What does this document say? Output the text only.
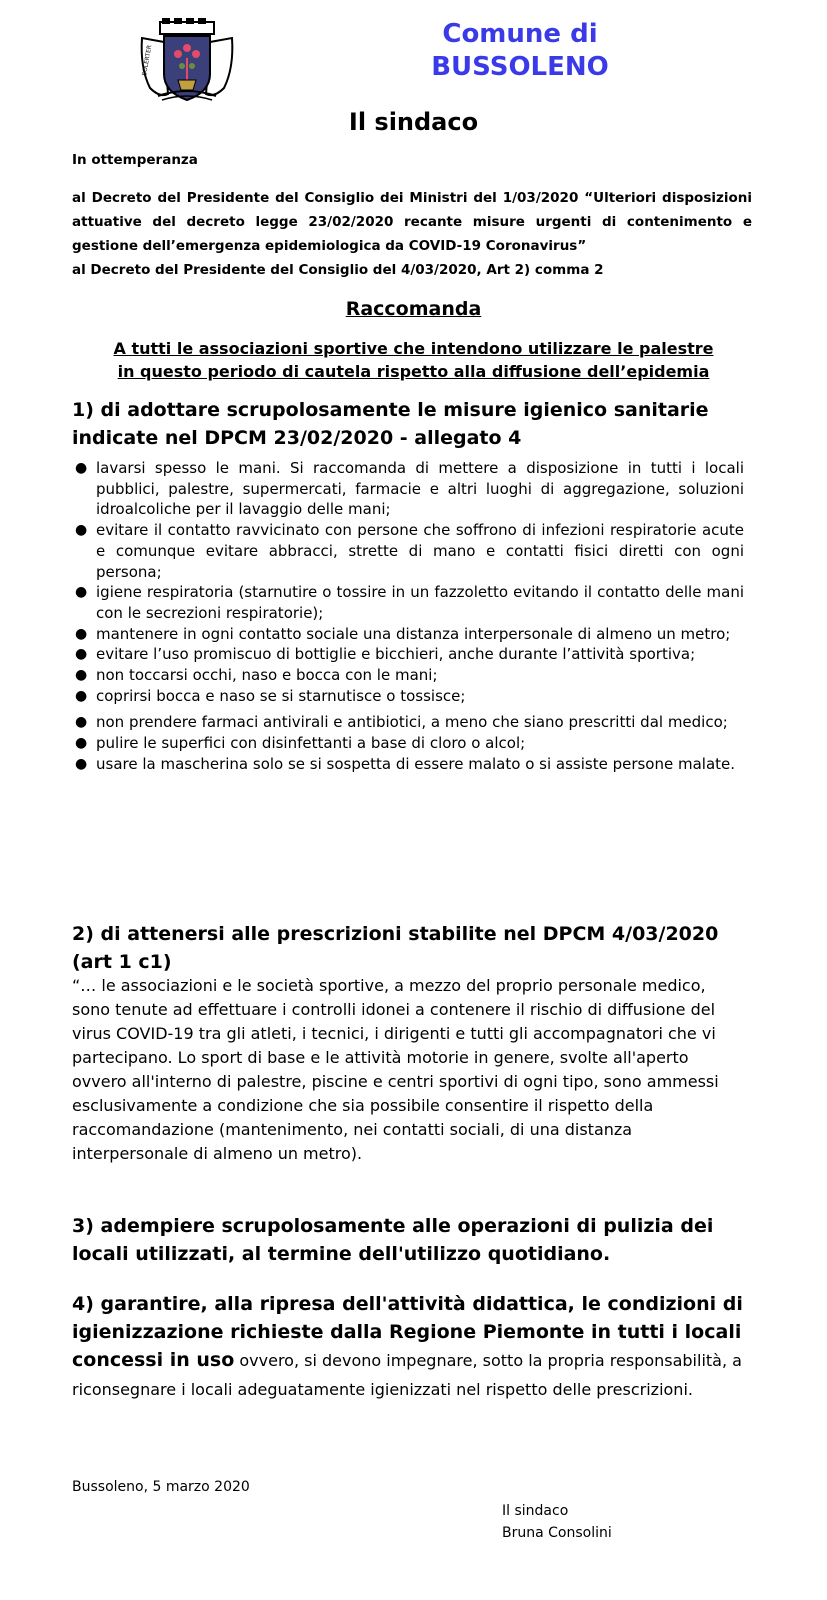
SOLERTER
Comune di
BUSSOLENO
Il sindaco
In ottemperanza
al Decreto del Presidente del Consiglio dei Ministri del 1/03/2020 “Ulteriori disposizioni attuative del decreto legge 23/02/2020 recante misure urgenti di contenimento e gestione dell’emergenza epidemiologica da COVID-19 Coronavirus”
al Decreto del Presidente del Consiglio del 4/03/2020, Art 2) comma 2
Raccomanda
A tutti le associazioni sportive che intendono utilizzare le palestre
in questo periodo di cautela rispetto alla diffusione dell’epidemia
1) di adottare scrupolosamente le misure igienico sanitarie indicate nel DPCM 23/02/2020 - allegato 4
● lavarsi spesso le mani. Si raccomanda di mettere a disposizione in tutti i locali pubblici, palestre, supermercati, farmacie e altri luoghi di aggregazione, soluzioni idroalcoliche per il lavaggio delle mani;
● evitare il contatto ravvicinato con persone che soffrono di infezioni respiratorie acute e comunque evitare abbracci, strette di mano e contatti fisici diretti con ogni persona;
● igiene respiratoria (starnutire o tossire in un fazzoletto evitando il contatto delle mani con le secrezioni respiratorie);
● mantenere in ogni contatto sociale una distanza interpersonale di almeno un metro;
● evitare l’uso promiscuo di bottiglie e bicchieri, anche durante l’attività sportiva;
● non toccarsi occhi, naso e bocca con le mani;
● coprirsi bocca e naso se si starnutisce o tossisce;
● non prendere farmaci antivirali e antibiotici, a meno che siano prescritti dal medico;
● pulire le superfici con disinfettanti a base di cloro o alcol;
● usare la mascherina solo se si sospetta di essere malato o si assiste persone malate.
2) di attenersi alle prescrizioni stabilite nel DPCM 4/03/2020 (art 1 c1)
“… le associazioni e le società sportive, a mezzo del proprio personale medico, sono tenute ad effettuare i controlli idonei a contenere il rischio di diffusione del virus COVID-19 tra gli atleti, i tecnici, i dirigenti e tutti gli accompagnatori che vi partecipano. Lo sport di base e le attività motorie in genere, svolte all'aperto ovvero all'interno di palestre, piscine e centri sportivi di ogni tipo, sono ammessi esclusivamente a condizione che sia possibile consentire il rispetto della raccomandazione (mantenimento, nei contatti sociali, di una distanza interpersonale di almeno un metro).
3) adempiere scrupolosamente alle operazioni di pulizia dei locali utilizzati, al termine dell'utilizzo quotidiano.
4) garantire, alla ripresa dell'attività didattica, le condizioni di igienizzazione richieste dalla Regione Piemonte in tutti i locali concessi in uso ovvero, si devono impegnare, sotto la propria responsabilità, a riconsegnare i locali adeguatamente igienizzati nel rispetto delle prescrizioni.
Bussoleno, 5 marzo 2020
Il sindaco
Bruna Consolini
